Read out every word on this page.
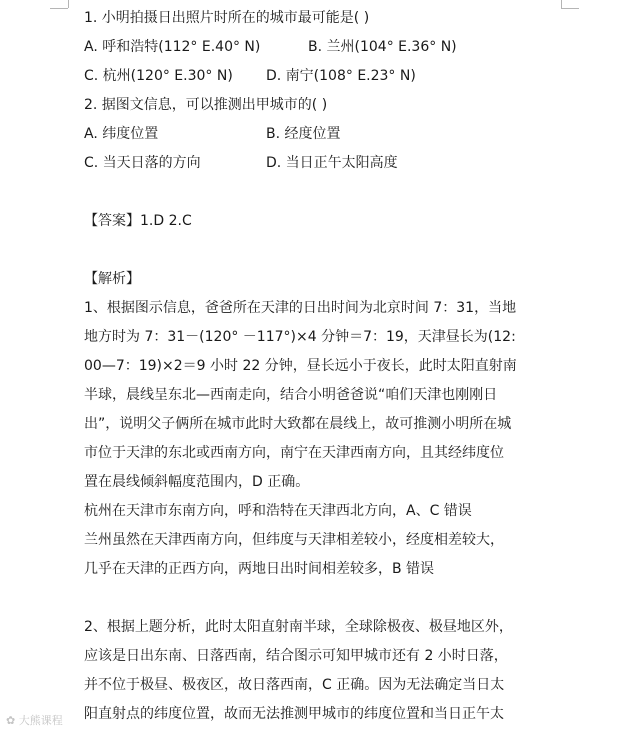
1. 小明拍摄日出照片时所在的城市最可能是( )
A. 呼和浩特(112° E.40° N)	B. 兰州(104° E.36° N)
C. 杭州(120° E.30° N)	D. 南宁(108° E.23° N)
2. 据图文信息，可以推测出甲城市的( )
A. 纬度位置	B. 经度位置
C. 当天日落的方向	D. 当日正午太阳高度
【答案】1.D 2.C
【解析】
1、根据图示信息，爸爸所在天津的日出时间为北京时间 7：31，当地
地方时为 7：31－(120° －117°)×4 分钟＝7：19，天津昼长为(12:
00—7：19)×2＝9 小时 22 分钟，昼长远小于夜长，此时太阳直射南
半球，晨线呈东北—西南走向，结合小明爸爸说“咱们天津也刚刚日
出”，说明父子俩所在城市此时大致都在晨线上，故可推测小明所在城
市位于天津的东北或西南方向，南宁在天津西南方向，且其经纬度位
置在晨线倾斜幅度范围内，D 正确。
杭州在天津市东南方向，呼和浩特在天津西北方向，A、C 错误
兰州虽然在天津西南方向，但纬度与天津相差较小，经度相差较大，
几乎在天津的正西方向，两地日出时间相差较多，B 错误
2、根据上题分析，此时太阳直射南半球，全球除极夜、极昼地区外，
应该是日出东南、日落西南，结合图示可知甲城市还有 2 小时日落，
并不位于极昼、极夜区，故日落西南，C 正确。因为无法确定当日太
阳直射点的纬度位置，故而无法推测甲城市的纬度位置和当日正午太
✿ 大熊课程
